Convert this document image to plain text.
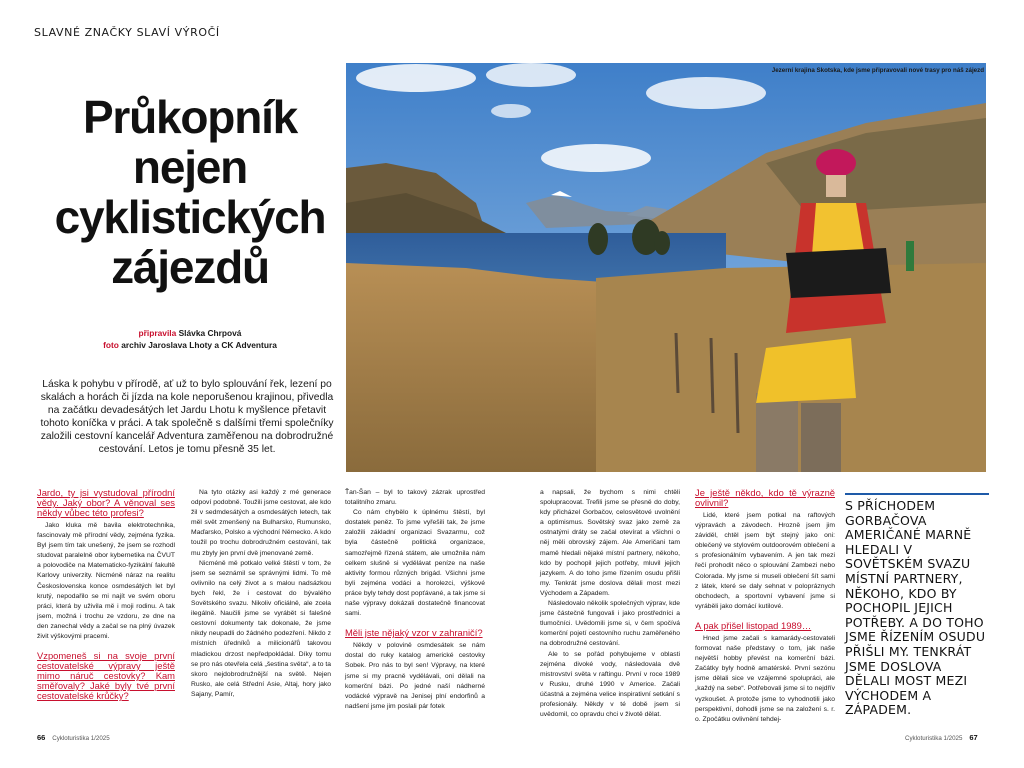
SLAVNÉ ZNAČKY SLAVÍ VÝROČÍ
Průkopník nejen cyklistických zájezdů
připravila Slávka Chrpová
foto archiv Jaroslava Lhoty a CK Adventura
Láska k pohybu v přírodě, ať už to bylo splouvání řek, lezení po skalách a horách či jízda na kole neporušenou krajinou, přivedla na začátku devadesátých let Jardu Lhotu k myšlence přetavit tohoto koníčka v práci. A tak společně s dalšími třemi společníky založili cestovní kancelář Adventura zaměřenou na dobrodružné cestování. Letos je tomu přesně 35 let.
Jezerní krajina Skotska, kde jsme připravovali nové trasy pro náš zájezd
Jardo, ty jsi vystudoval přírodní vědy. Jaký obor? A věnoval ses někdy vůbec této profesi?

Jako kluka mě bavila elektrotechnika, fascinovaly mě přírodní vědy, zejména fyzika. Byl jsem tím tak unešený, že jsem se rozhodl studovat paralelně obor kybernetika na ČVUT a polovodiče na Matematicko-fyzikální fakultě Karlovy univerzity. Nicméně náraz na realitu Československa konce osmdesátých let byl krutý, nepodařilo se mi najít ve svém oboru práci, která by uživila mě i moji rodinu. A tak jsem, možná i trochu ze vzdoru, ze dne na den zanechal vědy a začal se na plný úvazek živit výškovými pracemi.

Vzpomeneš si na svoje první cestovatelské výpravy ještě mimo náruč cestovky? Kam směřovaly? Jaké byly tvé první cestovatelské krůčky?

Na tyto otázky asi každý z mé generace odpoví podobně. Toužili jsme cestovat, ale kdo žil v sedmdesátých a osmdesátých letech, tak měl svět zmenšený na Bulharsko, Rumunsko, Maďarsko, Polsko a východní Německo. A kdo toužil po trochu dobrodružném cestování, tak mu zbyly jen první dvě jmenované země.

Nicméně mě potkalo velké štěstí v tom, že jsem se seznámil se správnými lidmi. To mě ovlivnilo na celý život a s malou nadsázkou bych řekl, že i cestovat do bývalého Sovětského svazu. Nikoliv oficiálně, ale zcela ilegálně. Naučili jsme se vyrábět si falešné cestovní dokumenty tak dokonale, že jsme nikdy neupadli do žádného podezření. Nikdo z místních úředníků a milicionářů takovou mladickou drzost nepředpokládal. Díky tomu se pro nás otevřela celá „šestina světa“, a to ta skoro nejdobrodružnější na světě. Nejen Rusko, ale celá Střední Asie, Altaj, hory jako Sajany, Pamír,

Ťan-Šan – byl to takový zázrak uprostřed totalitního zmaru.

Co nám chybělo k úplnému štěstí, byl dostatek peněz. To jsme vyřešili tak, že jsme založili základní organizaci Svazarmu, což byla částečně politická organizace, samozřejmě řízená státem, ale umožnila nám celkem slušně si vydělávat peníze na naše aktivity formou různých brigád. Všichni jsme byli zejména vodáci a horolezci, výškové práce byly tehdy dost popťávané, a tak jsme si naše výpravy dokázali dostatečně financovat sami.

Měli jste nějaký vzor v zahraničí?

Někdy v polovině osmdesátek se nám dostal do ruky katalog americké cestovky Sobek. Pro nás to byl sen! Výpravy, na které jsme si my pracně vydělávali, oni dělali na komerční bázi. Po jedné naší nádherné vodácké výpravě na Jenisej plní endorfinů a nadšení jsme jim poslali pár fotek

a napsali, že bychom s nimi chtěli spolupracovat. Trefili jsme se přesně do doby, kdy přicházel Gorbačov, celosvětové uvolnění a optimismus. Sovětský svaz jako země za ostnatými dráty se začal otevírat a všichni o něj měli obrovský zájem. Ale Američani tam mamě hledali nějaké místní partnery, někoho, kdo by pochopil jejich potřeby, mluvil jejich jazykem. A do toho jsme řízením osudu přišli my. Tenkrát jsme doslova dělali most mezi Východem a Západem.

Následovalo několik společných výprav, kde jsme částečně fungovali i jako prostředníci a tlumočníci. Uvědomili jsme si, v čem spočívá komerční pojetí cestovního ruchu zaměřeného na dobrodružné cestování.

Ale to se pořád pohybujeme v oblasti zejména divoké vody, následovala dvě mistrovství světa v raftingu. První v roce 1989 v Rusku, druhé 1990 v Americe. Začali účastná a zejména velice inspirativní setkání s profesionály. Někdy v té době jsem si uvědomil, co opravdu chci v životě dělat.

Je ještě někdo, kdo tě výrazně ovlivnil?

Lidé, které jsem potkal na raftových výpravách a závodech. Hrozně jsem jim záviděl, chtěl jsem být stejný jako oni: oblečený ve stylovém outdoorovém oblečení a s profesionálním vybavením. A jen tak mezi řečí prohodit něco o splouvání Zambezi nebo Colorada. My jsme si museli oblečení šít sami z látek, které se daly sehnat v polopráznych obchodech, a sportovní vybavení jsme si vyráběli jako domácí kutilové.

A pak přišel listopad 1989…

Hned jsme začali s kamarády-cestovateli formovat naše představy o tom, jak naše největší hobby převést na komerční bázi. Začátky byly hodně amatérské. První sezónu jsme dělali sice ve vzájemné spolupráci, ale „každý na sebe“. Potřebovali jsme si to nejdřív vyzkoušet. A protože jsme to vyhodnotili jako perspektivní, dohodli jsme se na založení s. r. o. Zpočátku ovlivnění tehdej-

S PŘÍCHODEM GORBAČOVA AMERIČANÉ MARNĚ HLEDALI V SOVĚTSKÉM SVAZU MÍSTNÍ PARTNERY, NĚKOHO, KDO BY POCHOPIL JEJICH POTŘEBY. A DO TOHO JSME ŘÍZENÍM OSUDU PŘIŠLI MY. TENKRÁT JSME DOSLOVA DĚLALI MOST MEZI VÝCHODEM A ZÁPADEM.
66 Cykloturistika 1/2025	Cykloturistika 1/2025 67
